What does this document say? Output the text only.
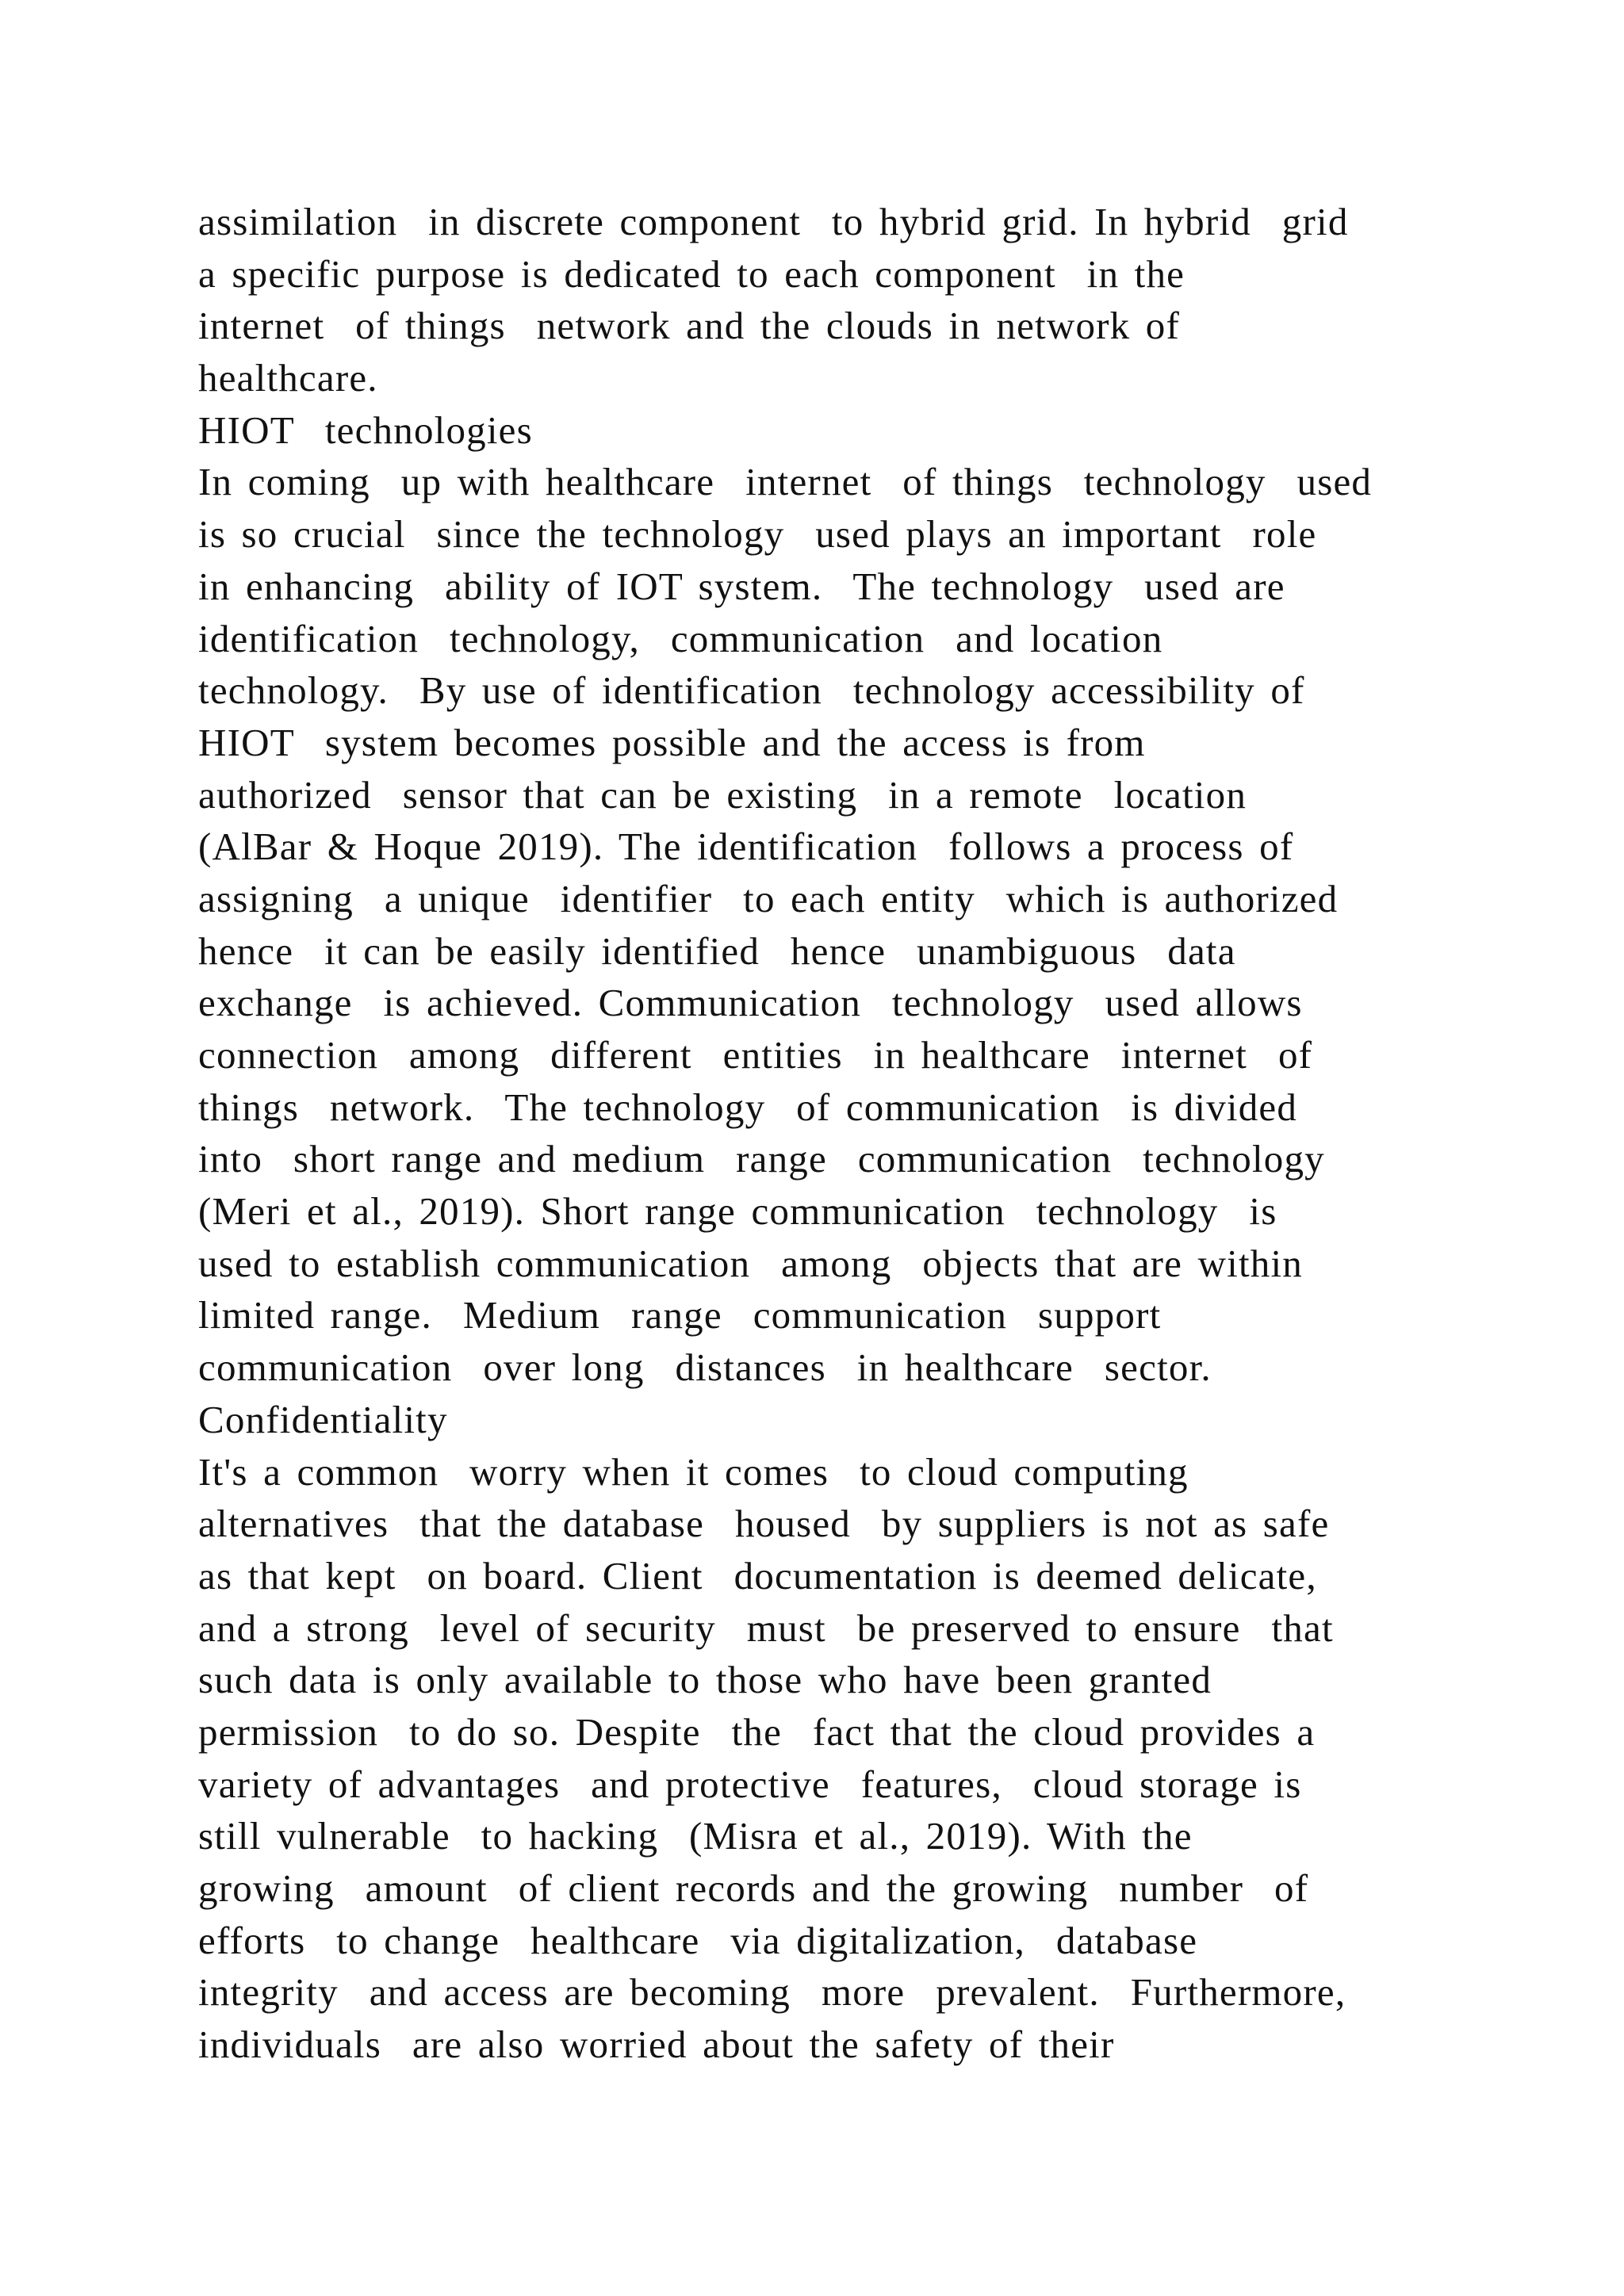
assimilation  in discrete component  to hybrid grid. In hybrid  grid
a specific purpose is dedicated to each component  in the
internet  of things  network and the clouds in network of
healthcare.
HIOT  technologies
In coming  up with healthcare  internet  of things  technology  used
is so crucial  since the technology  used plays an important  role
in enhancing  ability of IOT system.  The technology  used are
identification  technology,  communication  and location
technology.  By use of identification  technology accessibility of
HIOT  system becomes possible and the access is from
authorized  sensor that can be existing  in a remote  location
(AlBar & Hoque 2019). The identification  follows a process of
assigning  a unique  identifier  to each entity  which is authorized
hence  it can be easily identified  hence  unambiguous  data
exchange  is achieved. Communication  technology  used allows
connection  among  different  entities  in healthcare  internet  of
things  network.  The technology  of communication  is divided
into  short range and medium  range  communication  technology
(Meri et al., 2019). Short range communication  technology  is
used to establish communication  among  objects that are within
limited range.  Medium  range  communication  support
communication  over long  distances  in healthcare  sector.
Confidentiality
It's a common  worry when it comes  to cloud computing
alternatives  that the database  housed  by suppliers is not as safe
as that kept  on board. Client  documentation is deemed delicate,
and a strong  level of security  must  be preserved to ensure  that
such data is only available to those who have been granted
permission  to do so. Despite  the  fact that the cloud provides a
variety of advantages  and protective  features,  cloud storage is
still vulnerable  to hacking  (Misra et al., 2019). With the
growing  amount  of client records and the growing  number  of
efforts  to change  healthcare  via digitalization,  database
integrity  and access are becoming  more  prevalent.  Furthermore,
individuals  are also worried about the safety of their
